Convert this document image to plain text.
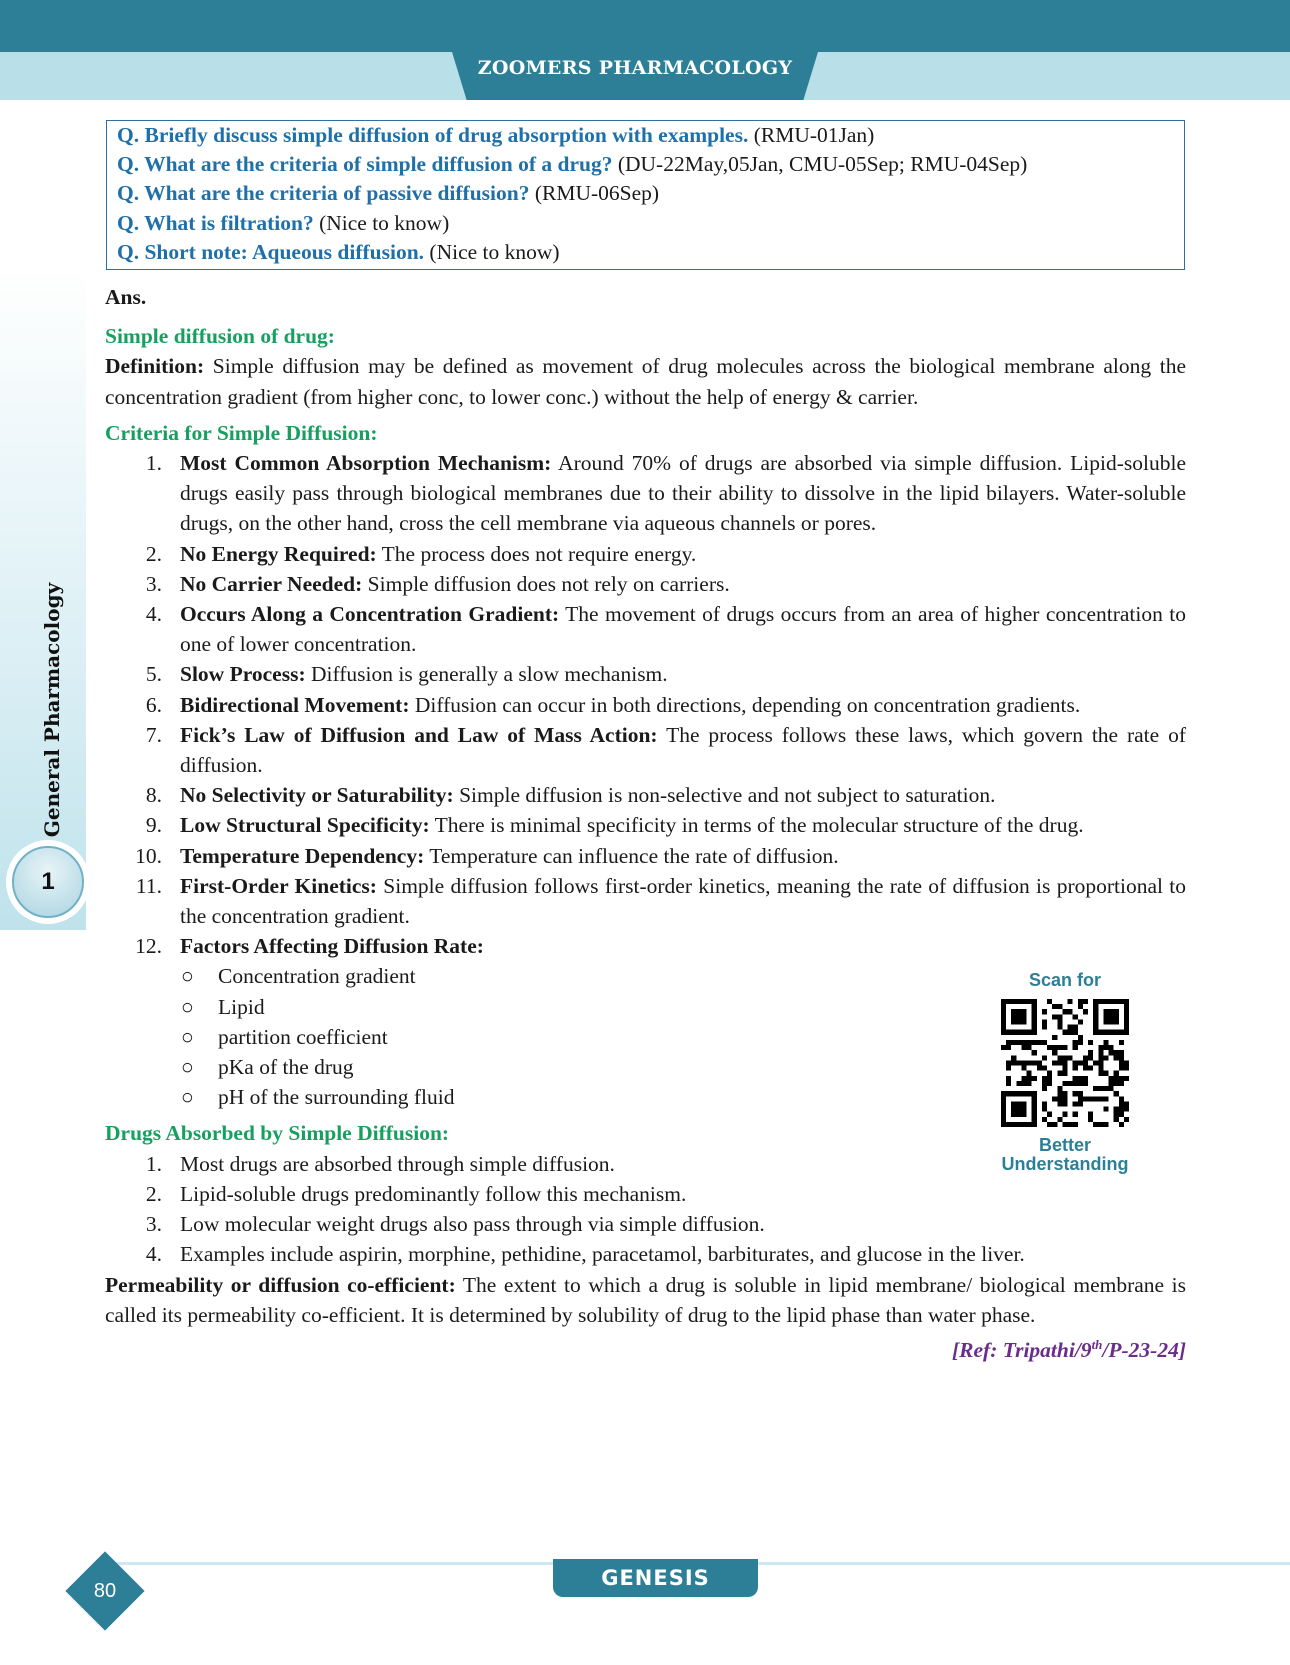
ZOOMERS PHARMACOLOGY
General Pharmacology
1
Q. Briefly discuss simple diffusion of drug absorption with examples. (RMU-01Jan)
Q. What are the criteria of simple diffusion of a drug? (DU-22May,05Jan, CMU-05Sep; RMU-04Sep)
Q. What are the criteria of passive diffusion? (RMU-06Sep)
Q. What is filtration? (Nice to know)
Q. Short note: Aqueous diffusion. (Nice to know)
Ans.
Simple diffusion of drug:
Definition: Simple diffusion may be defined as movement of drug molecules across the biological membrane along the concentration gradient (from higher conc, to lower conc.) without the help of energy & carrier.
Criteria for Simple Diffusion:
1. Most Common Absorption Mechanism: Around 70% of drugs are absorbed via simple diffusion. Lipid-soluble drugs easily pass through biological membranes due to their ability to dissolve in the lipid bilayers. Water-soluble drugs, on the other hand, cross the cell membrane via aqueous channels or pores.
2. No Energy Required: The process does not require energy.
3. No Carrier Needed: Simple diffusion does not rely on carriers.
4. Occurs Along a Concentration Gradient: The movement of drugs occurs from an area of higher concentration to one of lower concentration.
5. Slow Process: Diffusion is generally a slow mechanism.
6. Bidirectional Movement: Diffusion can occur in both directions, depending on concentration gradients.
7. Fick’s Law of Diffusion and Law of Mass Action: The process follows these laws, which govern the rate of diffusion.
8. No Selectivity or Saturability: Simple diffusion is non-selective and not subject to saturation.
9. Low Structural Specificity: There is minimal specificity in terms of the molecular structure of the drug.
10. Temperature Dependency: Temperature can influence the rate of diffusion.
11. First-Order Kinetics: Simple diffusion follows first-order kinetics, meaning the rate of diffusion is proportional to the concentration gradient.
12. Factors Affecting Diffusion Rate:
○ Concentration gradient
○ Lipid
○ partition coefficient
○ pKa of the drug
○ pH of the surrounding fluid
Drugs Absorbed by Simple Diffusion:
1. Most drugs are absorbed through simple diffusion.
2. Lipid-soluble drugs predominantly follow this mechanism.
3. Low molecular weight drugs also pass through via simple diffusion.
4. Examples include aspirin, morphine, pethidine, paracetamol, barbiturates, and glucose in the liver.
Permeability or diffusion co-efficient: The extent to which a drug is soluble in lipid membrane/ biological membrane is called its permeability co-efficient. It is determined by solubility of drug to the lipid phase than water phase.
[Ref: Tripathi/9th/P-23-24]
Scan for
Better
Understanding
GENESIS
80
